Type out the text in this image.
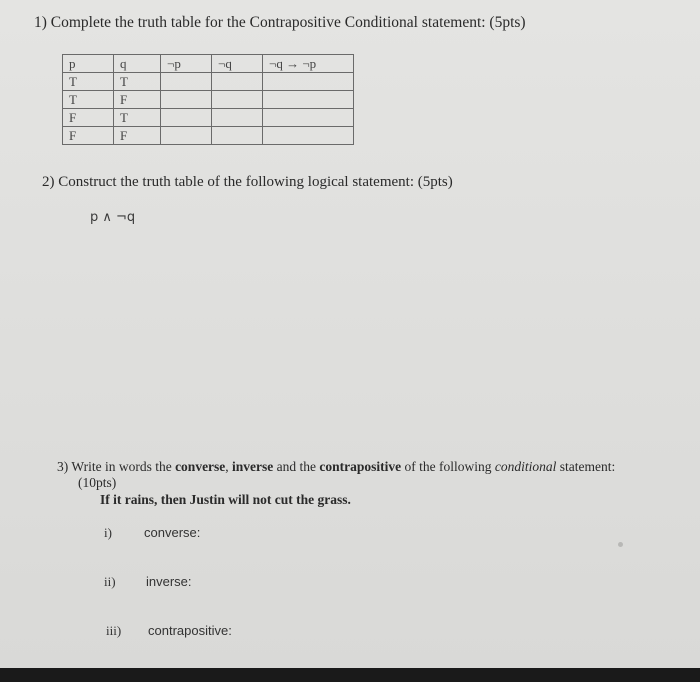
1) Complete the truth table for the Contrapositive Conditional statement: (5pts)
p	q	¬p	¬q	¬q → ¬p
T	T			
T	F			
F	T			
F	F			
2) Construct the truth table of the following logical statement: (5pts)
p ∧ ¬q
3) Write in words the converse, inverse and the contrapositive of the following conditional statement:
(10pts)
If it rains, then Justin will not cut the grass.
i) converse:
ii) inverse:
iii) contrapositive:
